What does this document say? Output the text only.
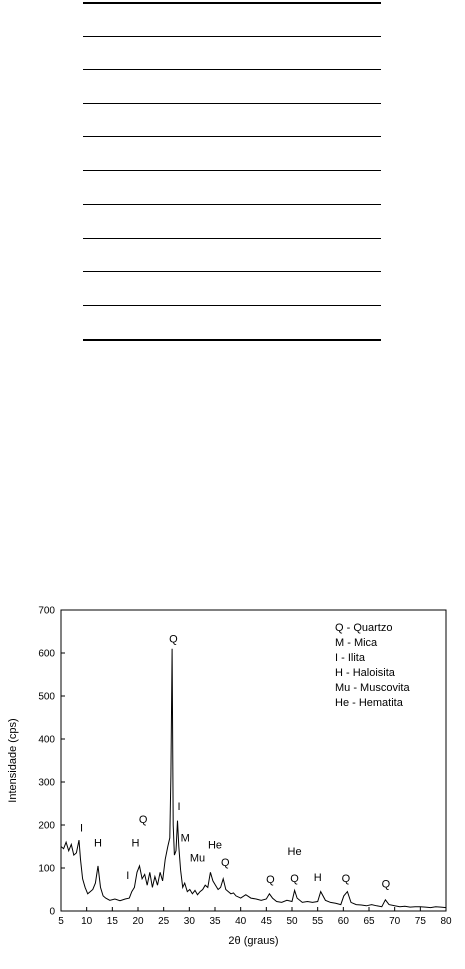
5 10 15 20 25 30 35 40 45 50 55 60 65 70 75 80
0
100
200
300
400
500
600
700
I
H
I
H
Q
Q
I
M
Mu
He
Q
Q
He
Q H Q	Q
Q - Quartzo
M - Mica
I - Ilita
H - Haloisita
Mu - Muscovita
He - Hematita
2θ (graus)
Intensidade (cps)
